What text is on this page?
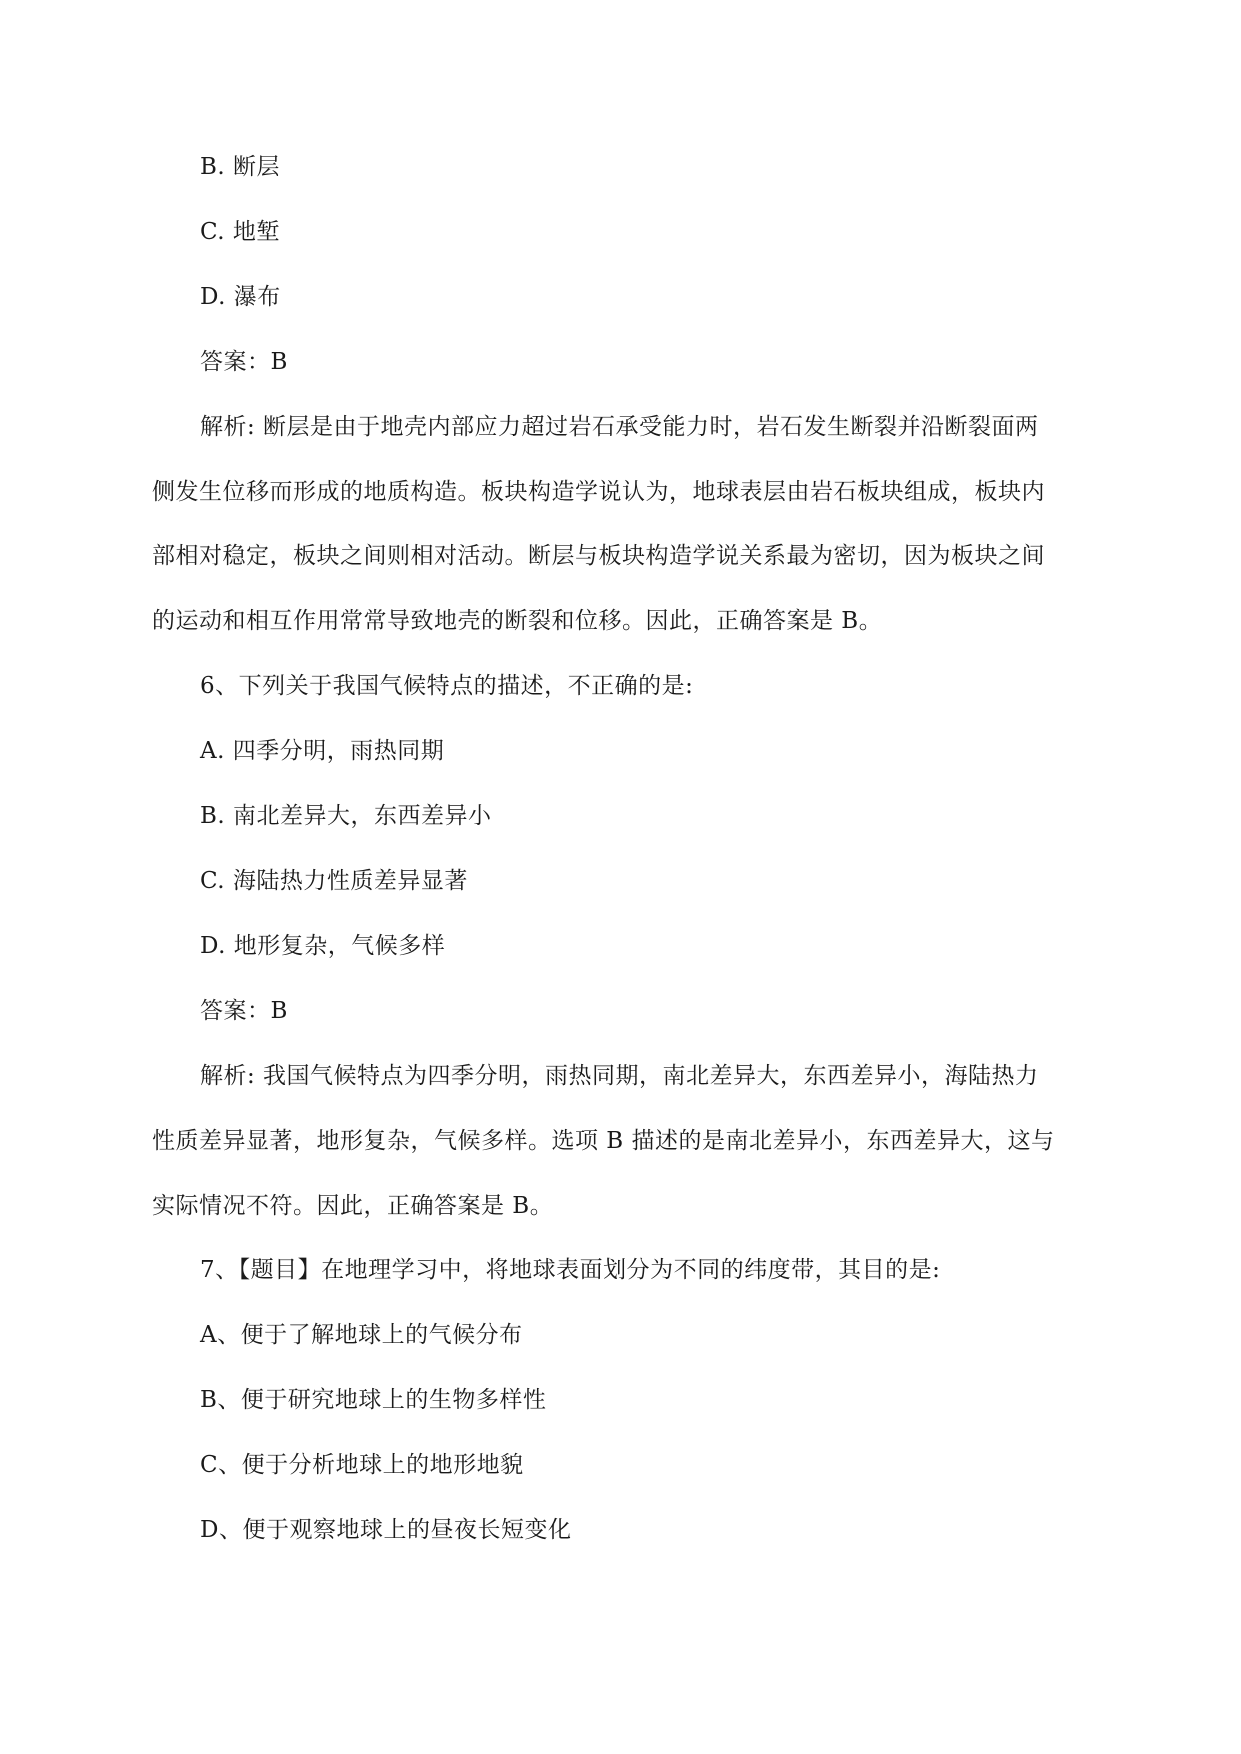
B. 断层
C. 地堑
D. 瀑布
答案：B
解析: 断层是由于地壳内部应力超过岩石承受能力时，岩石发生断裂并沿断裂面两
侧发生位移而形成的地质构造。板块构造学说认为，地球表层由岩石板块组成，板块内
部相对稳定，板块之间则相对活动。断层与板块构造学说关系最为密切，因为板块之间
的运动和相互作用常常导致地壳的断裂和位移。因此，正确答案是 B。
6、下列关于我国气候特点的描述，不正确的是:
A. 四季分明，雨热同期
B. 南北差异大，东西差异小
C. 海陆热力性质差异显著
D. 地形复杂，气候多样
答案：B
解析: 我国气候特点为四季分明，雨热同期，南北差异大，东西差异小，海陆热力
性质差异显著，地形复杂，气候多样。选项 B 描述的是南北差异小，东西差异大，这与
实际情况不符。因此，正确答案是 B。
7、【题目】在地理学习中，将地球表面划分为不同的纬度带，其目的是:
A、便于了解地球上的气候分布
B、便于研究地球上的生物多样性
C、便于分析地球上的地形地貌
D、便于观察地球上的昼夜长短变化
